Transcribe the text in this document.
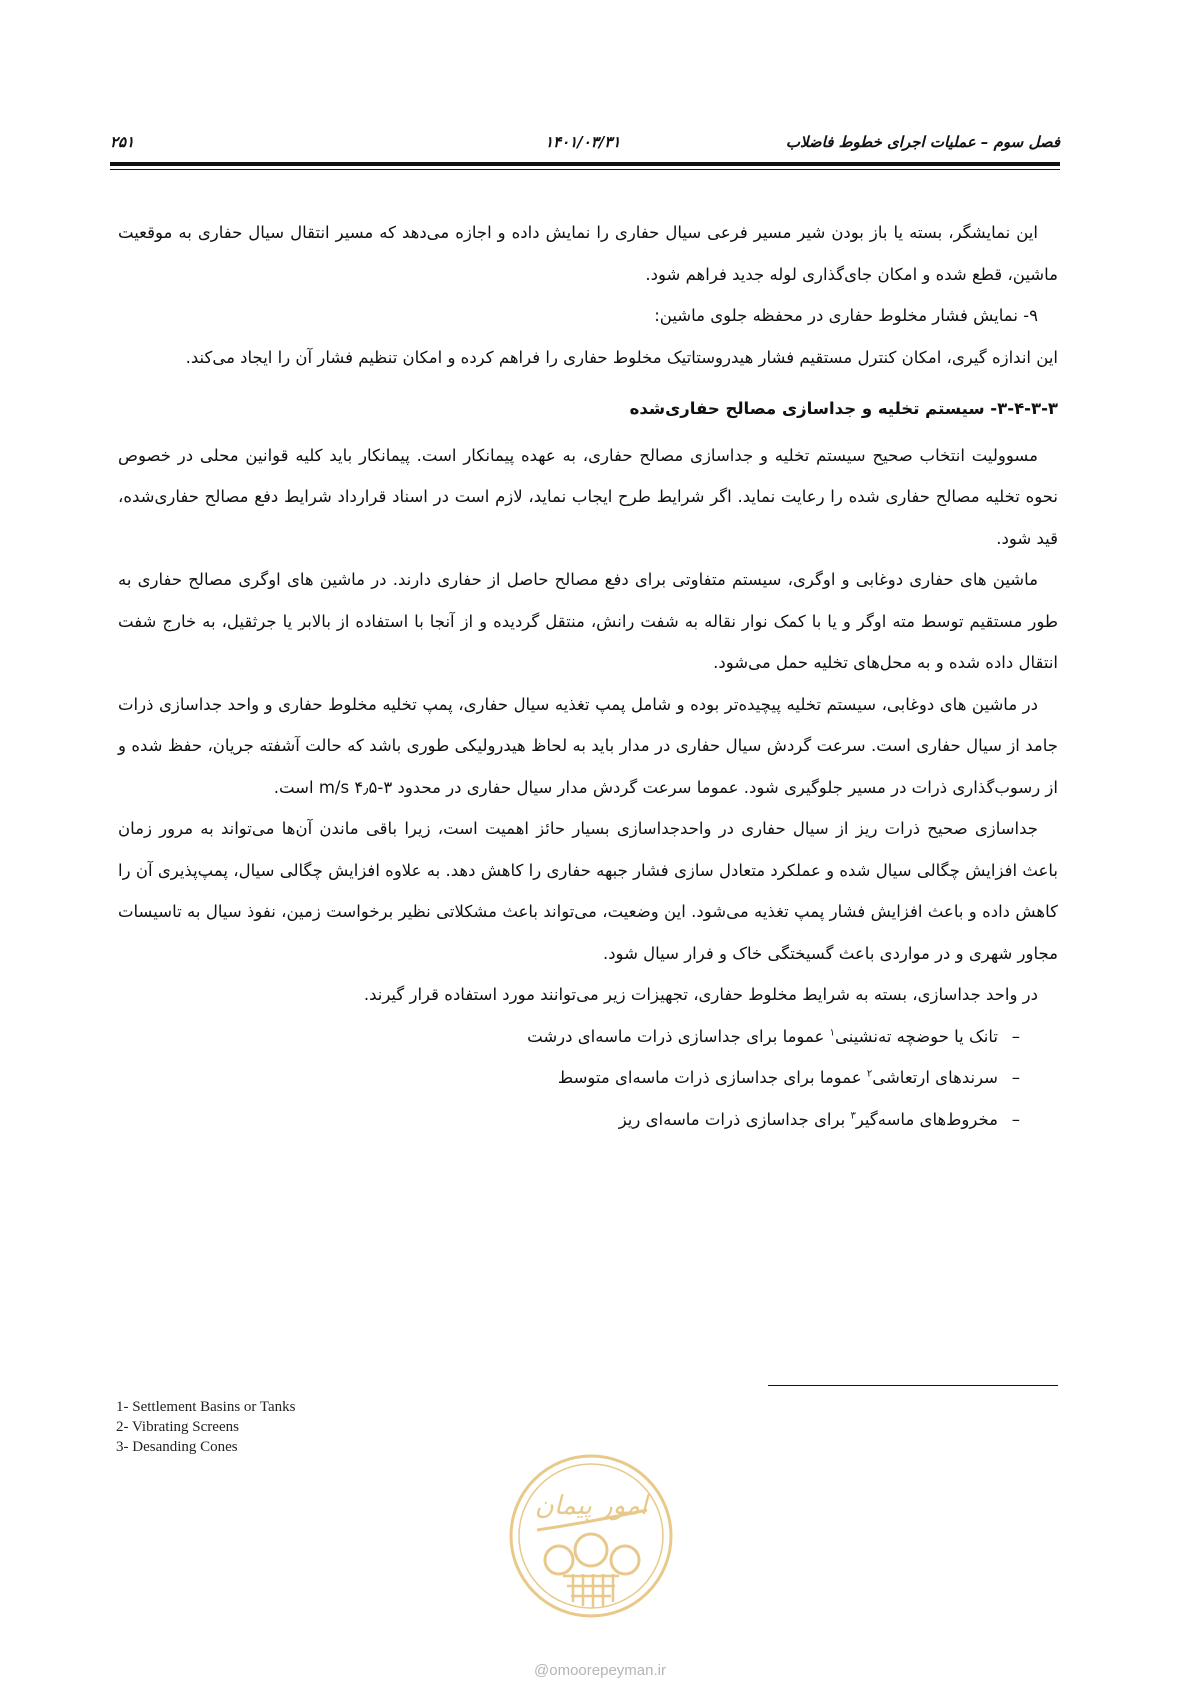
فصل سوم – عملیات اجرای خطوط فاضلاب
۱۴۰۱/۰۳/۳۱
۲۵۱

این نمایشگر، بسته یا باز بودن شیر مسیر فرعی سیال حفاری را نمایش داده و اجازه می‌دهد که مسیر انتقال سیال حفاری به موقعیت ماشین، قطع شده و امکان جای‌گذاری لوله جدید فراهم شود.

۹- نمایش فشار مخلوط حفاری در محفظه جلوی ماشین:

این اندازه گیری، امکان کنترل مستقیم فشار هیدروستاتیک مخلوط حفاری را فراهم کرده و امکان تنظیم فشار آن را ایجاد می‌کند.

۳-۴-۳-۳- سیستم تخلیه و جداسازی مصالح حفاری‌شده

مسوولیت انتخاب صحیح سیستم تخلیه و جداسازی مصالح حفاری، به عهده پیمانکار است. پیمانکار باید کلیه قوانین محلی در خصوص نحوه تخلیه مصالح حفاری شده را رعایت نماید. اگر شرایط طرح ایجاب نماید، لازم است در اسناد قرارداد شرایط دفع مصالح حفاری‌شده، قید شود.

ماشین های حفاری دوغابی و اوگری، سیستم متفاوتی برای دفع مصالح حاصل از حفاری دارند. در ماشین های اوگری مصالح حفاری به طور مستقیم توسط مته اوگر و یا با کمک نوار نقاله به شفت رانش، منتقل گردیده و از آنجا با استفاده از بالابر یا جرثقیل، به خارج شفت انتقال داده شده و به محل‌های تخلیه حمل می‌شود.

در ماشین های دوغابی، سیستم تخلیه پیچیده‌تر بوده و شامل پمپ تغذیه سیال حفاری، پمپ تخلیه مخلوط حفاری و واحد جداسازی ذرات جامد از سیال حفاری است. سرعت گردش سیال حفاری در مدار باید به لحاظ هیدرولیکی طوری باشد که حالت آشفته جریان، حفظ شده و از رسوب‌گذاری ذرات در مسیر جلوگیری شود. عموما سرعت گردش مدار سیال حفاری در محدود ۳-۴٫۵ m/s است.

جداسازی صحیح ذرات ریز از سیال حفاری در واحدجداسازی بسیار حائز اهمیت است، زیرا باقی ماندن آن‌ها می‌تواند به مرور زمان باعث افزایش چگالی سیال شده و عملکرد متعادل سازی فشار جبهه حفاری را کاهش دهد. به علاوه افزایش چگالی سیال، پمپ‌پذیری آن را کاهش داده و باعث افزایش فشار پمپ تغذیه می‌شود. این وضعیت، می‌تواند باعث مشکلاتی نظیر برخواست زمین، نفوذ سیال به تاسیسات مجاور شهری و در مواردی باعث گسیختگی خاک و فرار سیال شود.

در واحد جداسازی، بسته به شرایط مخلوط حفاری، تجهیزات زیر می‌توانند مورد استفاده قرار گیرند.

– تانک یا حوضچه ته‌نشینی$^۱$ عموما برای جداسازی ذرات ماسه‌ای درشت
– سرندهای ارتعاشی$^۲$ عموما برای جداسازی ذرات ماسه‌ای متوسط
– مخروط‌های ماسه‌گیر$^۳$ برای جداسازی ذرات ماسه‌ای ریز
1- Settlement Basins or Tanks
2- Vibrating Screens
3- Desanding Cones
امور پیمان
@omoorepeyman.ir
